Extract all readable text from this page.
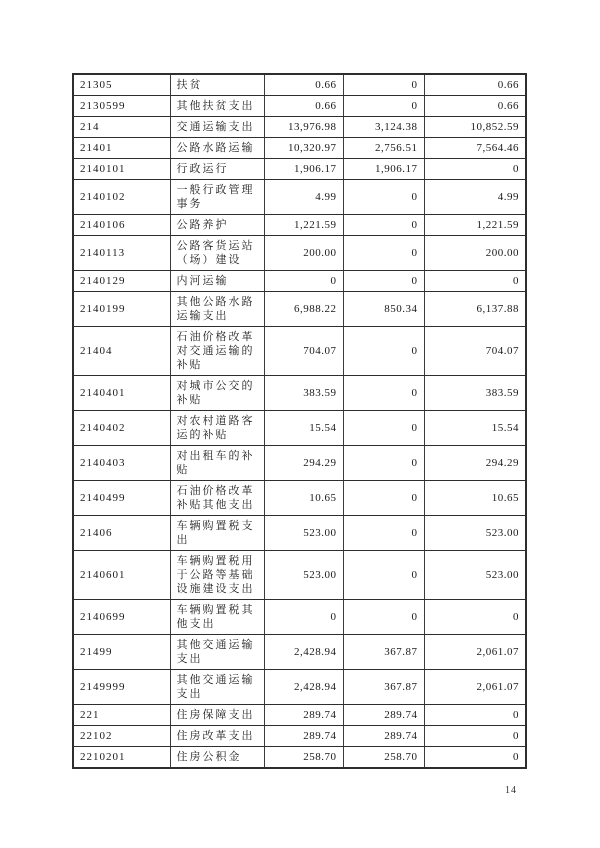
21305	扶贫	0.66	0	0.66
2130599	其他扶贫支出	0.66	0	0.66
214	交通运输支出	13,976.98	3,124.38	10,852.59
21401	公路水路运输	10,320.97	2,756.51	7,564.46
2140101	行政运行	1,906.17	1,906.17	0
2140102	一般行政管理事务	4.99	0	4.99
2140106	公路养护	1,221.59	0	1,221.59
2140113	公路客货运站（场）建设	200.00	0	200.00
2140129	内河运输	0	0	0
2140199	其他公路水路运输支出	6,988.22	850.34	6,137.88
21404	石油价格改革对交通运输的补贴	704.07	0	704.07
2140401	对城市公交的补贴	383.59	0	383.59
2140402	对农村道路客运的补贴	15.54	0	15.54
2140403	对出租车的补贴	294.29	0	294.29
2140499	石油价格改革补贴其他支出	10.65	0	10.65
21406	车辆购置税支出	523.00	0	523.00
2140601	车辆购置税用于公路等基础设施建设支出	523.00	0	523.00
2140699	车辆购置税其他支出	0	0	0
21499	其他交通运输支出	2,428.94	367.87	2,061.07
2149999	其他交通运输支出	2,428.94	367.87	2,061.07
221	住房保障支出	289.74	289.74	0
22102	住房改革支出	289.74	289.74	0
2210201	住房公积金	258.70	258.70	0
14
